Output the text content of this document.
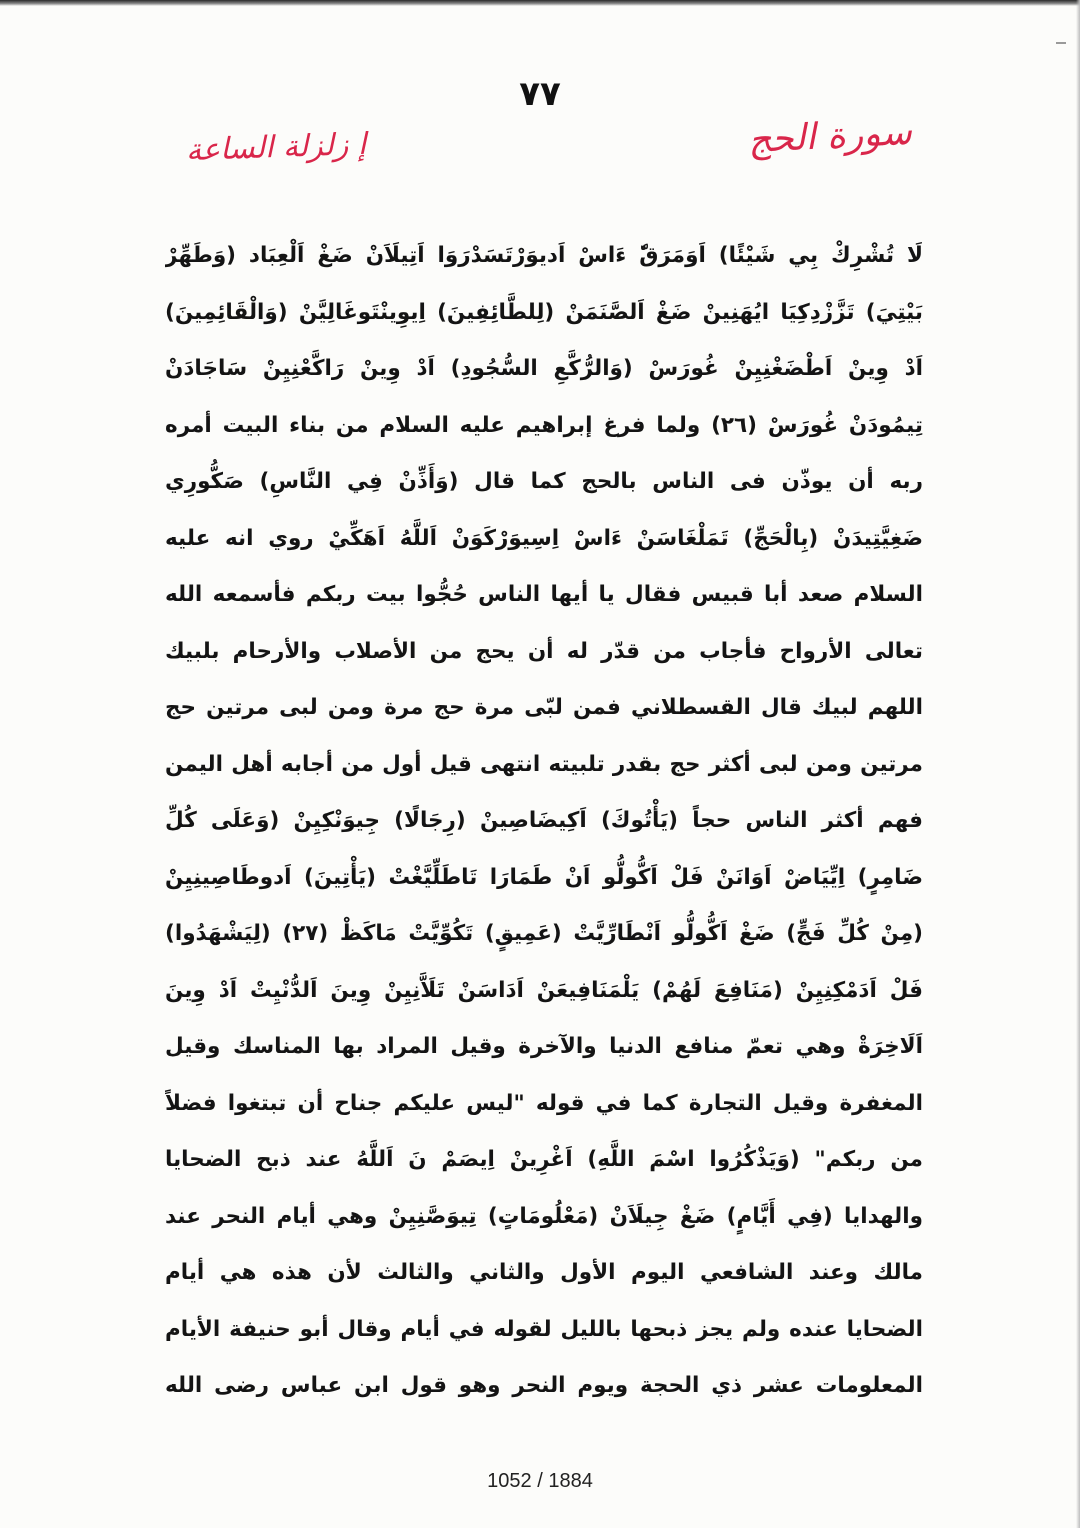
٧٧
سورة الحج
إ زلزلة الساعة
لَا تُشْرِكْ بِي شَيْئًا) اَوَمَرَقّٗ ءَاسْ اَديوَرْتَسَدْرَوَا اَتِيلَاَنْ ضَغْ اَلْعِبَاد (وَطَهِّرْ
بَيْتِيَ) تَزَّزْدِكِيَا ايُهَنِينْ ضَغْ اَلصَّنَمَنْ (لِلطَّائِفِينَ) اِيوِينْتَوغَالِيَّنْ (وَالْقَائِمِينَ)
اَدْ وِينْ اَطْضَغْنِيِنْ غُورَسْ (وَالرُّكَّعِ السُّجُودِ) اَدْ وِينْ رَاكَّعْنِيِنْ سَاجَادَنْ
تِيمُودَنْ غُورَسْ (٢٦) ولما فرغ إبراهيم عليه السلام من بناء البيت أمره
ربه أن يوذّن فى الناس بالحج كما قال (وَأَذِّنْ فِي النَّاسِ) صَكُّورِي
ضَغِيَّتِيدَنْ (بِالْحَجِّ) تَمَلْغَاسَنْ ءَاسْ اِسِيوَرْكَوَنْ اَللَّهُ اَهَكِّيْ روي انه عليه
السلام صعد أبا قبيس فقال يا أيها الناس حُجُّوا بيت ربكم فأسمعه الله
تعالى الأرواح فأجاب من قدّر له أن يحج من الأصلاب والأرحام بلبيك
اللهم لبيك قال القسطلاني فمن لبّى مرة حج مرة ومن لبى مرتين حج
مرتين ومن لبى أكثر حج بقدر تلبيته انتهى قيل أول من أجابه أهل اليمن
فهم أكثر الناس حجاً (يَأْتُوكَ) اَكِيضَاصِينْ (رِجَالًا) جِيوَنْكِيِنْ (وَعَلَى كُلِّ
ضَامِرٍ) اِيِّيَاضْ اَوَانَنْ فَلْ اَكُّولُّو اَنْ طَمَارَا تَاطَلِّيَّغْتْ (يَأْتِينَ) اَدوطَاصِينِيِنْ
(مِنْ كُلِّ فَجٍّ) ضَغْ اَكُّولُّو اَنْطَارِّيَّتْ (عَمِيقٍ) تَكُوِّيَّتْ مَاكَظْ (٢٧) (لِيَشْهَدُوا)
فَلْ اَدَمْكِنِيِنْ (مَنَافِعَ لَهُمْ) يَلْمَنَافِيعَنْ اَدَاسَنْ تَلَاَّنِيِنْ وِينَ اَلدُّنْيِتْ اَدْ وِينَ
اَلَاخِرَةْ وهي تعمّ منافع الدنيا والآخرة وقيل المراد بها المناسك وقيل
المغفرة وقيل التجارة كما في قوله "ليس عليكم جناح أن تبتغوا فضلاً
من ربكم" (وَيَذْكُرُوا اسْمَ اللَّهِ) اَغْرِينْ اِيصَمْ نَ اَللَّهُ عند ذبح الضحايا
والهدايا (فِي أَيَّامٍ) ضَغْ جِيلَاَنْ (مَعْلُومَاتٍ) تِيوَصَّنِيِنْ وهي أيام النحر عند
مالك وعند الشافعي اليوم الأول والثاني والثالث لأن هذه هي أيام
الضحايا عنده ولم يجز ذبحها بالليل لقوله في أيام وقال أبو حنيفة الأيام
المعلومات عشر ذي الحجة ويوم النحر وهو قول ابن عباس رضى الله
1052 / 1884
